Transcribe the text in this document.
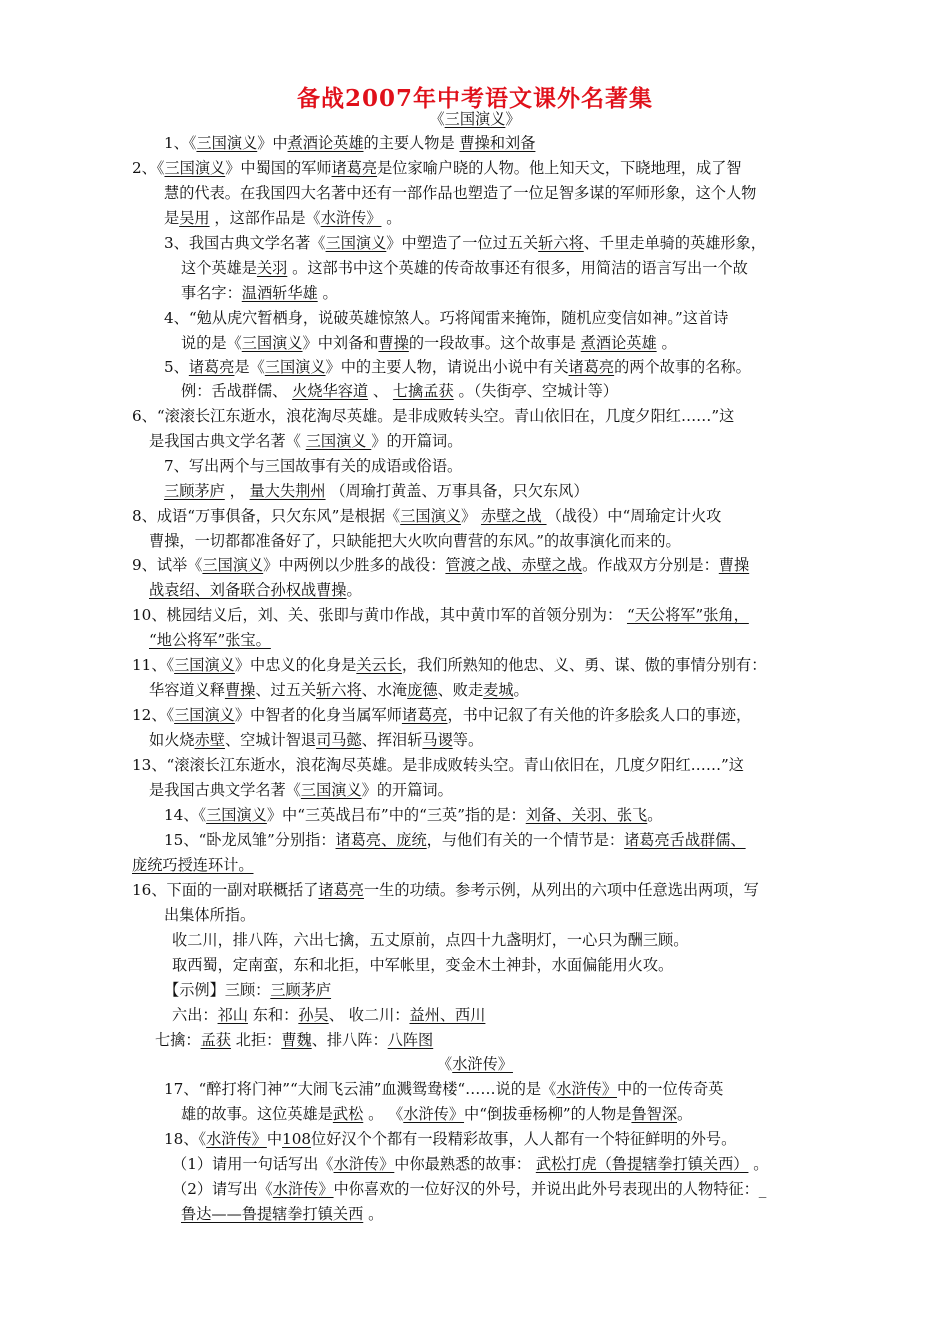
备战2007年中考语文课外名著集
《三国演义》
1、《三国演义》中煮酒论英雄的主要人物是 曹操和刘备
2、《三国演义》中蜀国的军师诸葛亮是位家喻户晓的人物。他上知天文，下晓地理，成了智
慧的代表。在我国四大名著中还有一部作品也塑造了一位足智多谋的军师形象，这个人物
是吴用 ，这部作品是《水浒传》 。
3、我国古典文学名著《三国演义》中塑造了一位过五关斩六将、千里走单骑的英雄形象，
这个英雄是关羽 。这部书中这个英雄的传奇故事还有很多，用简洁的语言写出一个故
事名字：温酒斩华雄 。
4、“勉从虎穴暂栖身，说破英雄惊煞人。巧将闻雷来掩饰，随机应变信如神。”这首诗
说的是《三国演义》中刘备和曹操的一段故事。这个故事是 煮酒论英雄 。
5、诸葛亮是《三国演义》中的主要人物，请说出小说中有关诸葛亮的两个故事的名称。
例：舌战群儒、 火烧华容道 、 七擒孟获 。（失街亭、空城计等）
6、“滚滚长江东逝水，浪花淘尽英雄。是非成败转头空。青山依旧在，几度夕阳红……”这
是我国古典文学名著《 三国演义 》的开篇词。
7、写出两个与三国故事有关的成语或俗语。
三顾茅庐 ， 量大失荆州 （周瑜打黄盖、万事具备，只欠东风）
8、成语“万事俱备，只欠东风”是根据《三国演义》 赤壁之战 （战役）中“周瑜定计火攻
曹操，一切都都准备好了，只缺能把大火吹向曹营的东风。”的故事演化而来的。
9、试举《三国演义》中两例以少胜多的战役：管渡之战、赤壁之战。作战双方分别是：曹操
战袁绍、刘备联合孙权战曹操。
10、桃园结义后，刘、关、张即与黄巾作战，其中黄巾军的首领分别为： “天公将军”张角，
“地公将军”张宝。
11、《三国演义》中忠义的化身是关云长，我们所熟知的他忠、义、勇、谋、傲的事情分别有：
华容道义释曹操、过五关斩六将、水淹庞德、败走麦城。
12、《三国演义》中智者的化身当属军师诸葛亮，书中记叙了有关他的许多脍炙人口的事迹，
如火烧赤壁、空城计智退司马懿、挥泪斩马谡等。
13、“滚滚长江东逝水，浪花淘尽英雄。是非成败转头空。青山依旧在，几度夕阳红……”这
是我国古典文学名著《三国演义》的开篇词。
14、《三国演义》中“三英战吕布”中的“三英”指的是：刘备、关羽、张飞。
15、“卧龙凤雏”分别指：诸葛亮、庞统，与他们有关的一个情节是：诸葛亮舌战群儒、
庞统巧授连环计。
16、下面的一副对联概括了诸葛亮一生的功绩。参考示例，从列出的六项中任意选出两项，写
出集体所指。
收二川，排八阵，六出七擒，五丈原前，点四十九盏明灯，一心只为酬三顾。
取西蜀，定南蛮，东和北拒，中军帐里，变金木土神卦，水面偏能用火攻。
【示例】三顾：三顾茅庐
六出：祁山 东和：孙吴、 收二川：益州、西川
七擒：孟获 北拒：曹魏、排八阵：八阵图
《水浒传》
17、“醉打将门神”“大闹飞云浦”血溅鸳鸯楼“……说的是《水浒传》中的一位传奇英
雄的故事。这位英雄是武松 。 《水浒传》中“倒拔垂杨柳”的人物是鲁智深。
18、《水浒传》中108位好汉个个都有一段精彩故事，人人都有一个特征鲜明的外号。
（1）请用一句话写出《水浒传》中你最熟悉的故事： 武松打虎（鲁提辖拳打镇关西） 。
（2）请写出《水浒传》中你喜欢的一位好汉的外号，并说出此外号表现出的人物特征：_
鲁达——鲁提辖拳打镇关西 。
